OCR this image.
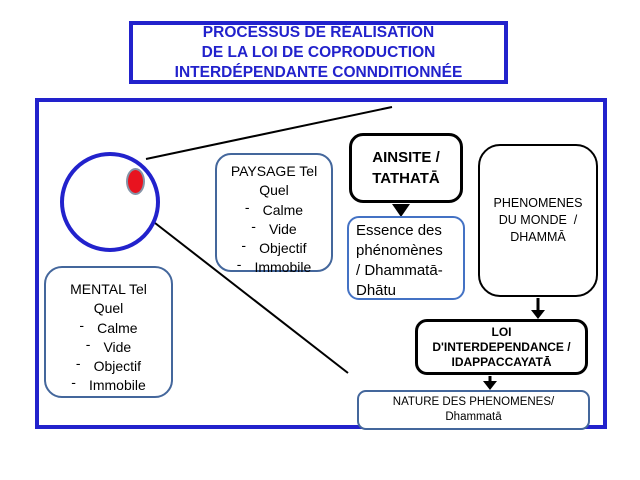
PROCESSUS DE RÉALISATION
DE LA LOI DE COPRODUCTION
INTERDÉPENDANTE CONNDITIONNÉE
PAYSAGE Tel
Quel
- Calme
- Vide
- Objectif
- Immobile
MENTAL Tel
Quel
- Calme
- Vide
- Objectif
- Immobile
AINSITE /
TATHATĀ
Essence des
phénomènes
/ Dhammatā-
Dhātu
PHENOMENES
DU MONDE  /
DHAMMĀ
LOI
D'INTERDEPENDANCE /
IDAPPACCAYATĀ
NATURE DES PHENOMENES/
Dhammatā
